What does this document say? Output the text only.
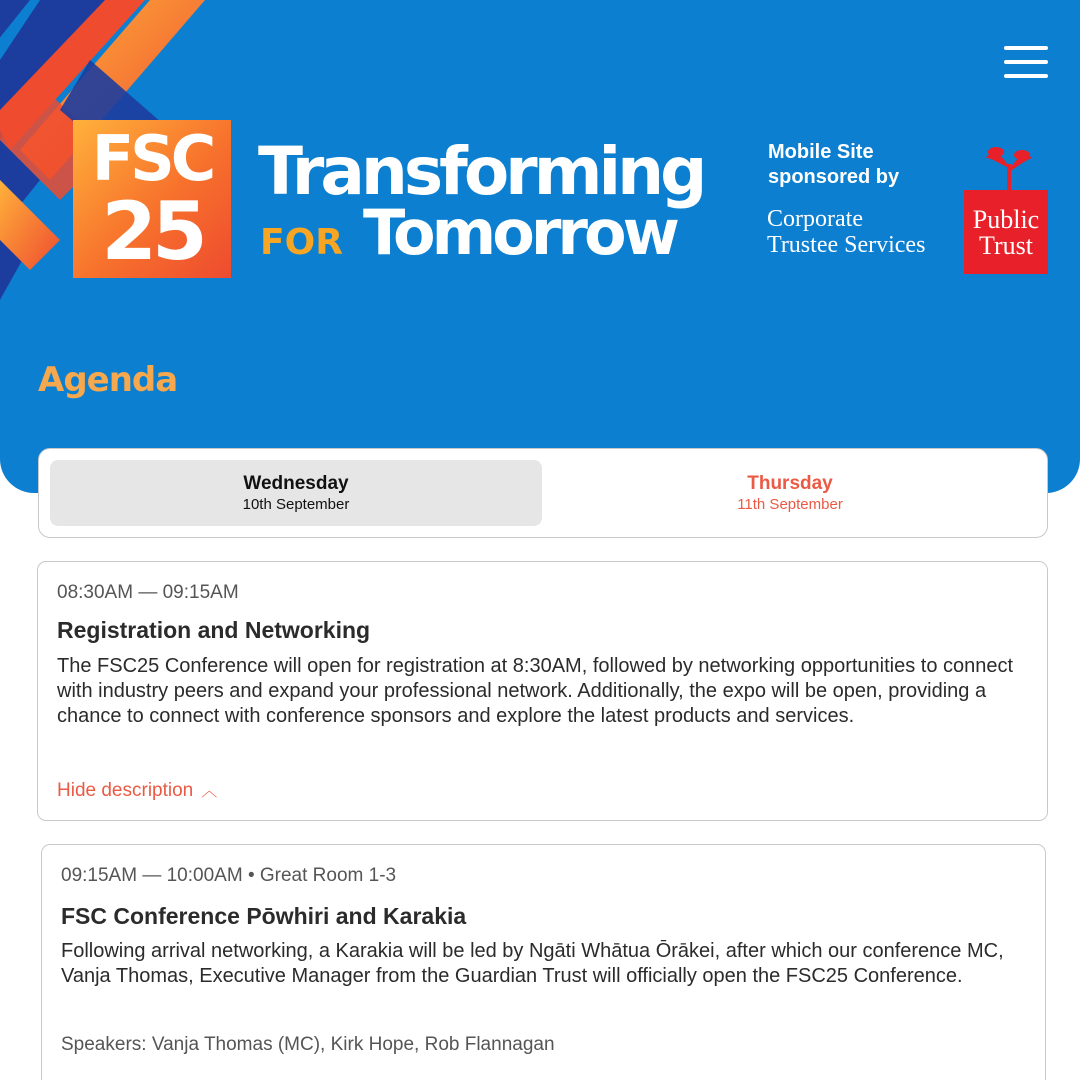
FSC
25
Transforming
FOR Tomorrow
Mobile Site
sponsored by
Corporate
Trustee Services
Public
Trust
Agenda
Wednesday
10th September
Thursday
11th September
08:30AM — 09:15AM
Registration and Networking
The FSC25 Conference will open for registration at 8:30AM, followed by networking opportunities to connect with industry peers and expand your professional network. Additionally, the expo will be open, providing a chance to connect with conference sponsors and explore the latest products and services.
Hide description ︿
09:15AM — 10:00AM • Great Room 1-3
FSC Conference Pōwhiri and Karakia
Following arrival networking, a Karakia will be led by Ngāti Whātua Ōrākei, after which our conference MC, Vanja Thomas, Executive Manager from the Guardian Trust will officially open the FSC25 Conference.
Speakers: Vanja Thomas (MC), Kirk Hope, Rob Flannagan
